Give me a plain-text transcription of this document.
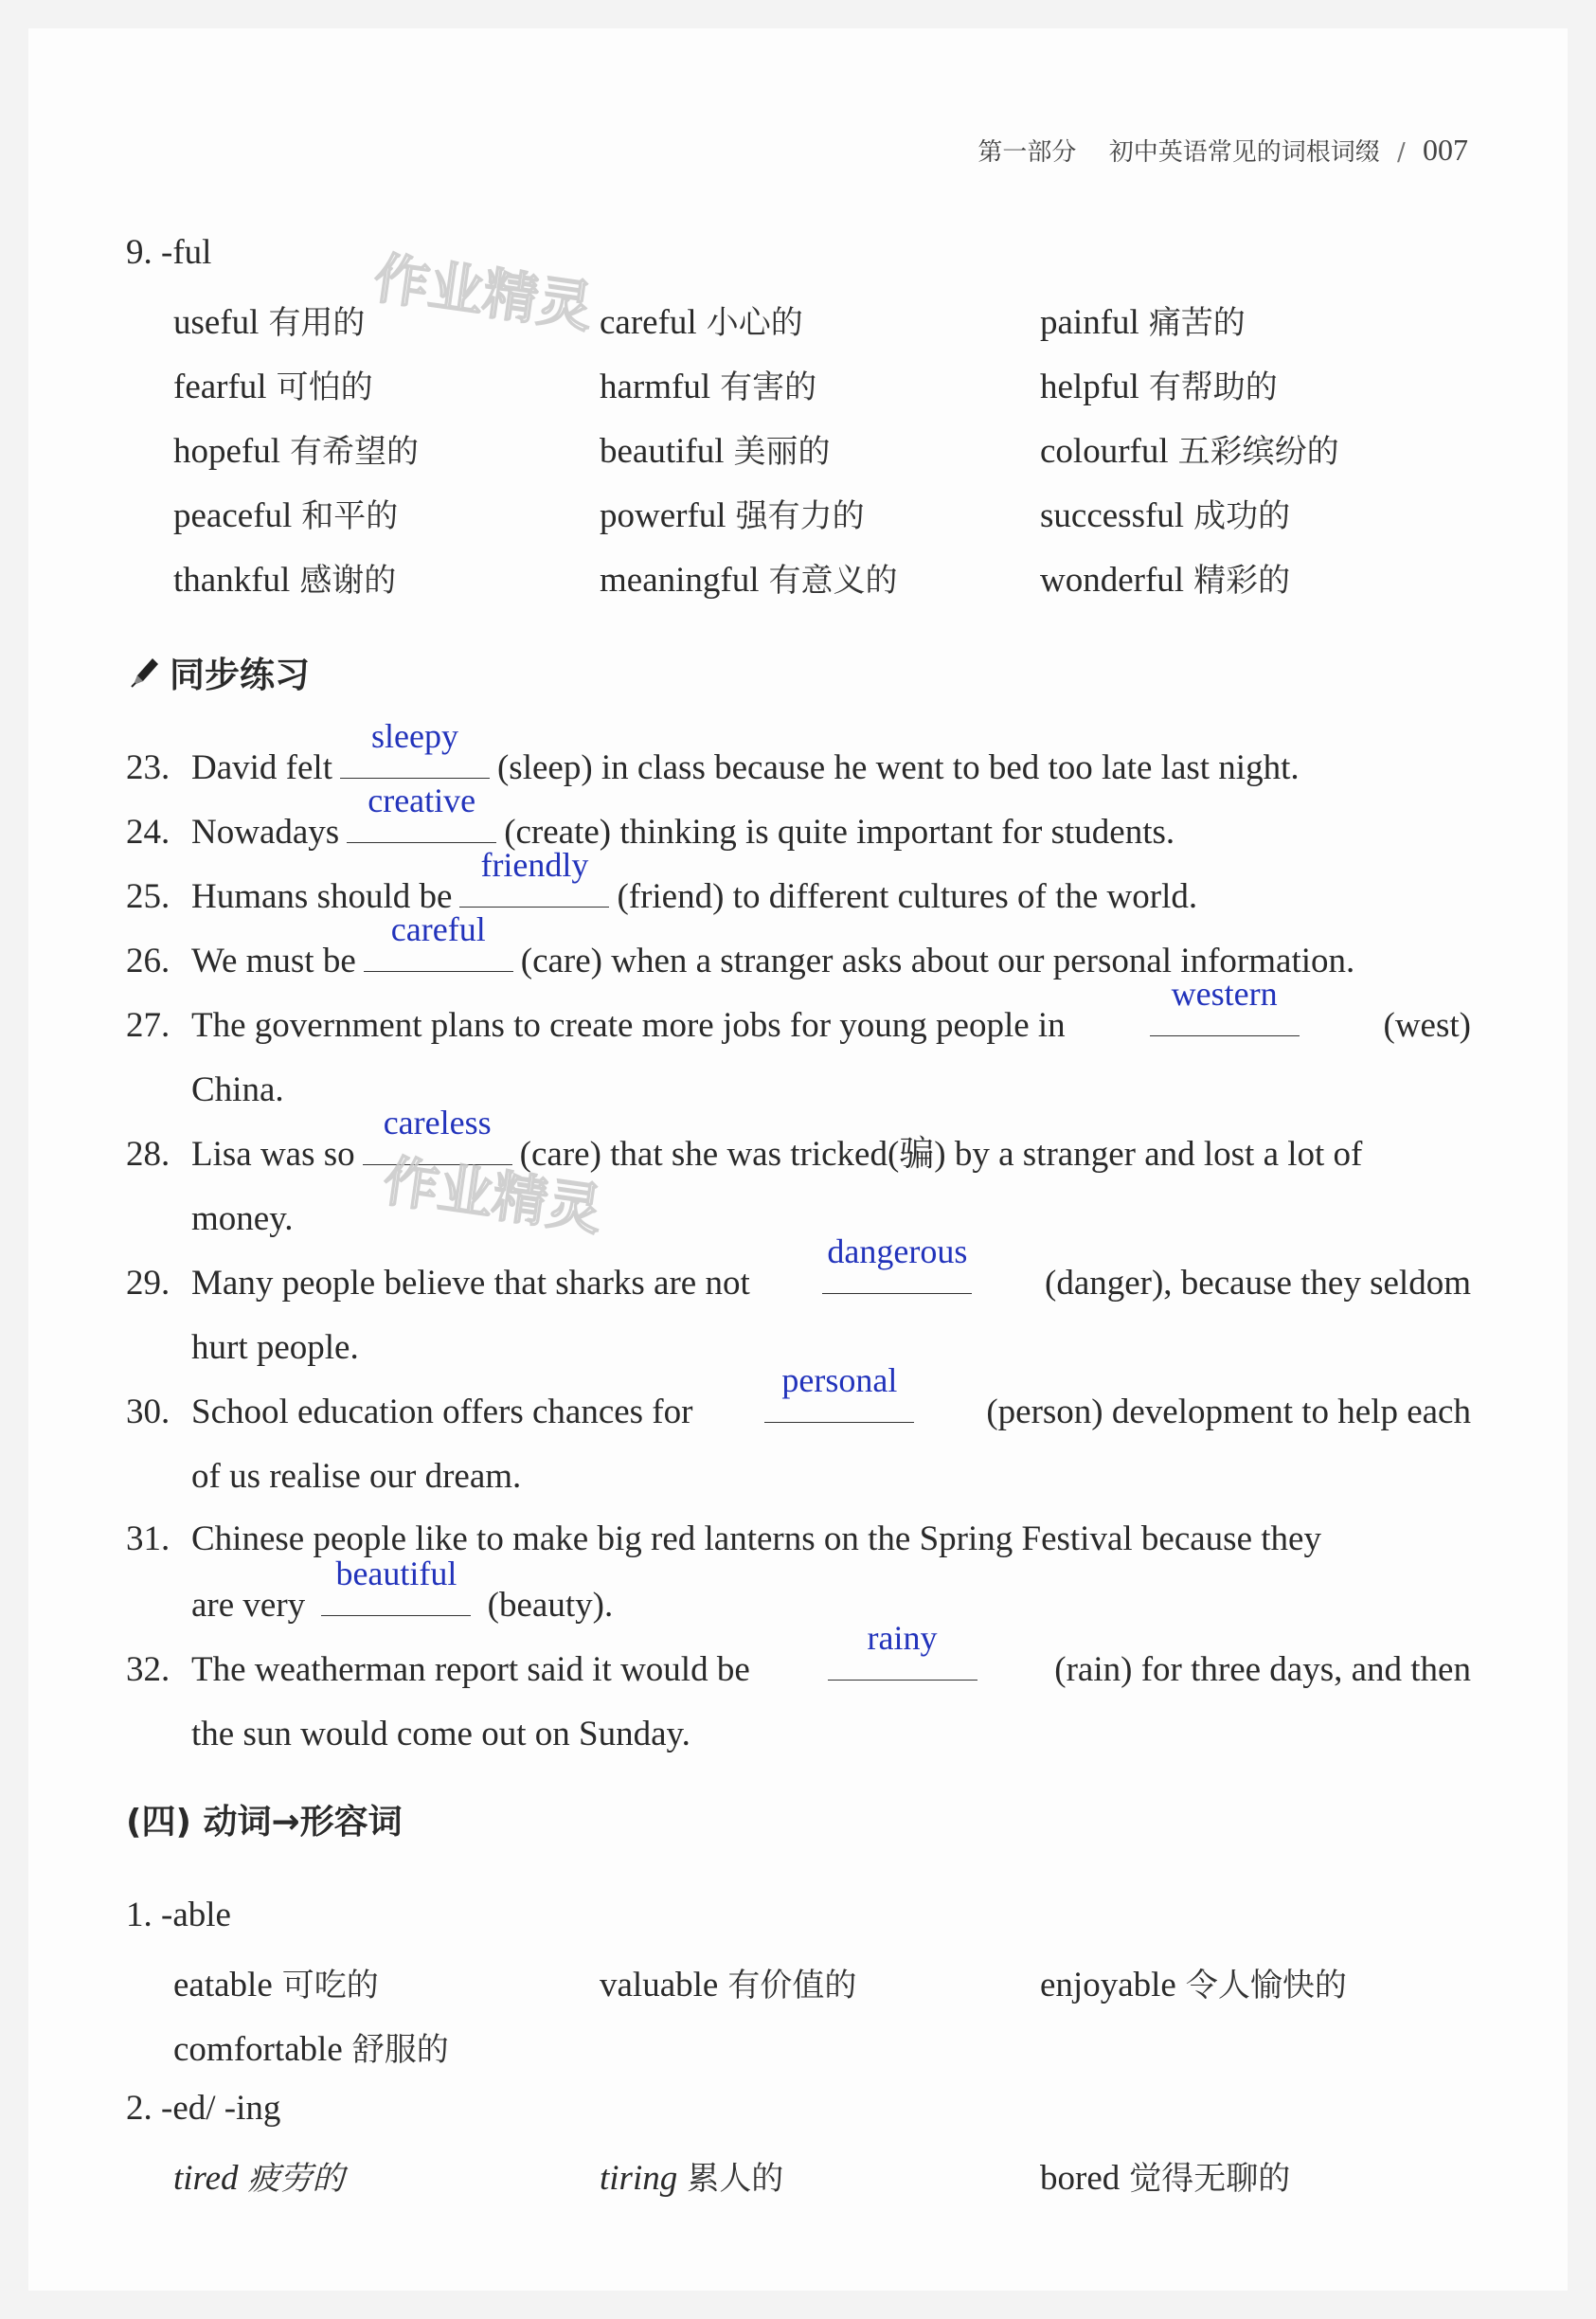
第一部分 初中英语常见的词根词缀 / 007
9. -ful
useful 有用的	careful 小心的	painful 痛苦的
fearful 可怕的	harmful 有害的	helpful 有帮助的
hopeful 有希望的	beautiful 美丽的	colourful 五彩缤纷的
peaceful 和平的	powerful 强有力的	successful 成功的
thankful 感谢的	meaningful 有意义的	wonderful 精彩的
作业精灵
同步练习
23. David felt
sleepy
(sleep) in class because he went to bed too late last night.
24. Nowadays
creative
(create) thinking is quite important for students.
25. Humans should be
friendly
(friend) to different cultures of the world.
26. We must be
careful
(care) when a stranger asks about our personal information.
27. The government plans to create more jobs for young people in
western
(west)
China.
28. Lisa was so
careless
(care) that she was tricked(骗) by a stranger and lost a lot of
money.	作业精灵
29. Many people believe that sharks are not
dangerous
(danger), because they seldom
hurt people.
30. School education offers chances for
personal
(person) development to help each
of us realise our dream.
31. Chinese people like to make big red lanterns on the Spring Festival because they
are very
beautiful
(beauty).
32. The weatherman report said it would be
rainy
(rain) for three days, and then
the sun would come out on Sunday.
(四) 动词→形容词
1. -able
eatable 可吃的	valuable 有价值的	enjoyable 令人愉快的
comfortable 舒服的
2. -ed/ -ing
tired 疲劳的	tiring 累人的	bored 觉得无聊的
